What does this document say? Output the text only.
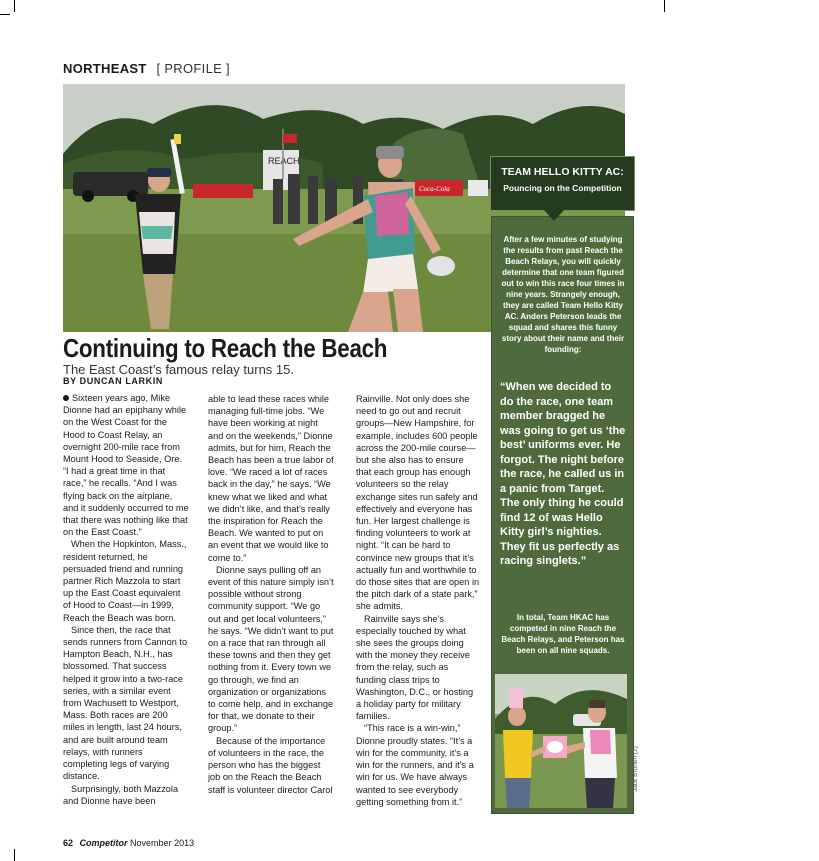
NORTHEAST [ PROFILE ]
REACH
Coca-Cola
Continuing to Reach the Beach
The East Coast’s famous relay turns 15.
BY DUNCAN LARKIN

Sixteen years ago, Mike Dionne had an epiphany while on the West Coast for the Hood to Coast Relay, an overnight 200-mile race from Mount Hood to Seaside, Ore. “I had a great time in that race,” he recalls. “And I was flying back on the airplane, and it suddenly occurred to me that there was nothing like that on the East Coast.”

When the Hopkinton, Mass., resident returned, he persuaded friend and running partner Rich Mazzola to start up the East Coast equivalent of Hood to Coast—in 1999, Reach the Beach was born.

Since then, the race that sends runners from Cannon to Hampton Beach, N.H., has blossomed. That success helped it grow into a two-race series, with a similar event from Wachusett to Westport, Mass. Both races are 200 miles in length, last 24 hours, and are built around team relays, with runners completing legs of varying distance.

Surprisingly, both Mazzola and Dionne have been

able to lead these races while managing full-time jobs. “We have been working at night and on the weekends,” Dionne admits, but for him, Reach the Beach has been a true labor of love. “We raced a lot of races back in the day,” he says. “We knew what we liked and what we didn’t like, and that’s really the inspiration for Reach the Beach. We wanted to put on an event that we would like to come to.”

Dionne says pulling off an event of this nature simply isn’t possible without strong community support. “We go out and get local volunteers,” he says. “We didn’t want to put on a race that ran through all these towns and then they get nothing from it. Every town we go through, we find an organization or organizations to come help, and in exchange for that, we donate to their group.”

Because of the importance of volunteers in the race, the person who has the biggest job on the Reach the Beach staff is volunteer director Carol

Rainville. Not only does she need to go out and recruit groups—New Hampshire, for example, includes 600 people across the 200-mile course—but she also has to ensure that each group has enough volunteers so the relay exchange sites run safely and effectively and everyone has fun. Her largest challenge is finding volunteers to work at night. “It can be hard to convince new groups that it’s actually fun and worthwhile to do those sites that are open in the pitch dark of a state park,” she admits.

Rainville says she’s especially touched by what she sees the groups doing with the money they receive from the relay, such as funding class trips to Washington, D.C., or hosting a holiday party for military families.

“This race is a win-win,” Dionne proudly states. “It’s a win for the community, it’s a win for the runners, and it’s a win for us. We have always wanted to see everybody getting something from it.”

TEAM HELLO KITTY AC:
Pouncing on the Competition
After a few minutes of studying the results from past Reach the Beach Relays, you will quickly determine that one team figured out to win this race four times in nine years. Strangely enough, they are called Team Hello Kitty AC. Anders Peterson leads the squad and shares this funny story about their name and their founding:
“When we decided to do the race, one team member bragged he was going to get us ‘the best’ uniforms ever. He forgot. The night before the race, he called us in a panic from Target. The only thing he could find 12 of was Hello Kitty girl’s nighties. They fit us perfectly as racing singlets.”
In total, Team HKAC has competed in nine Reach the Beach Relays, and Peterson has been on all nine squads.
Jack Brunen (2)
62 Competitor November 2013
